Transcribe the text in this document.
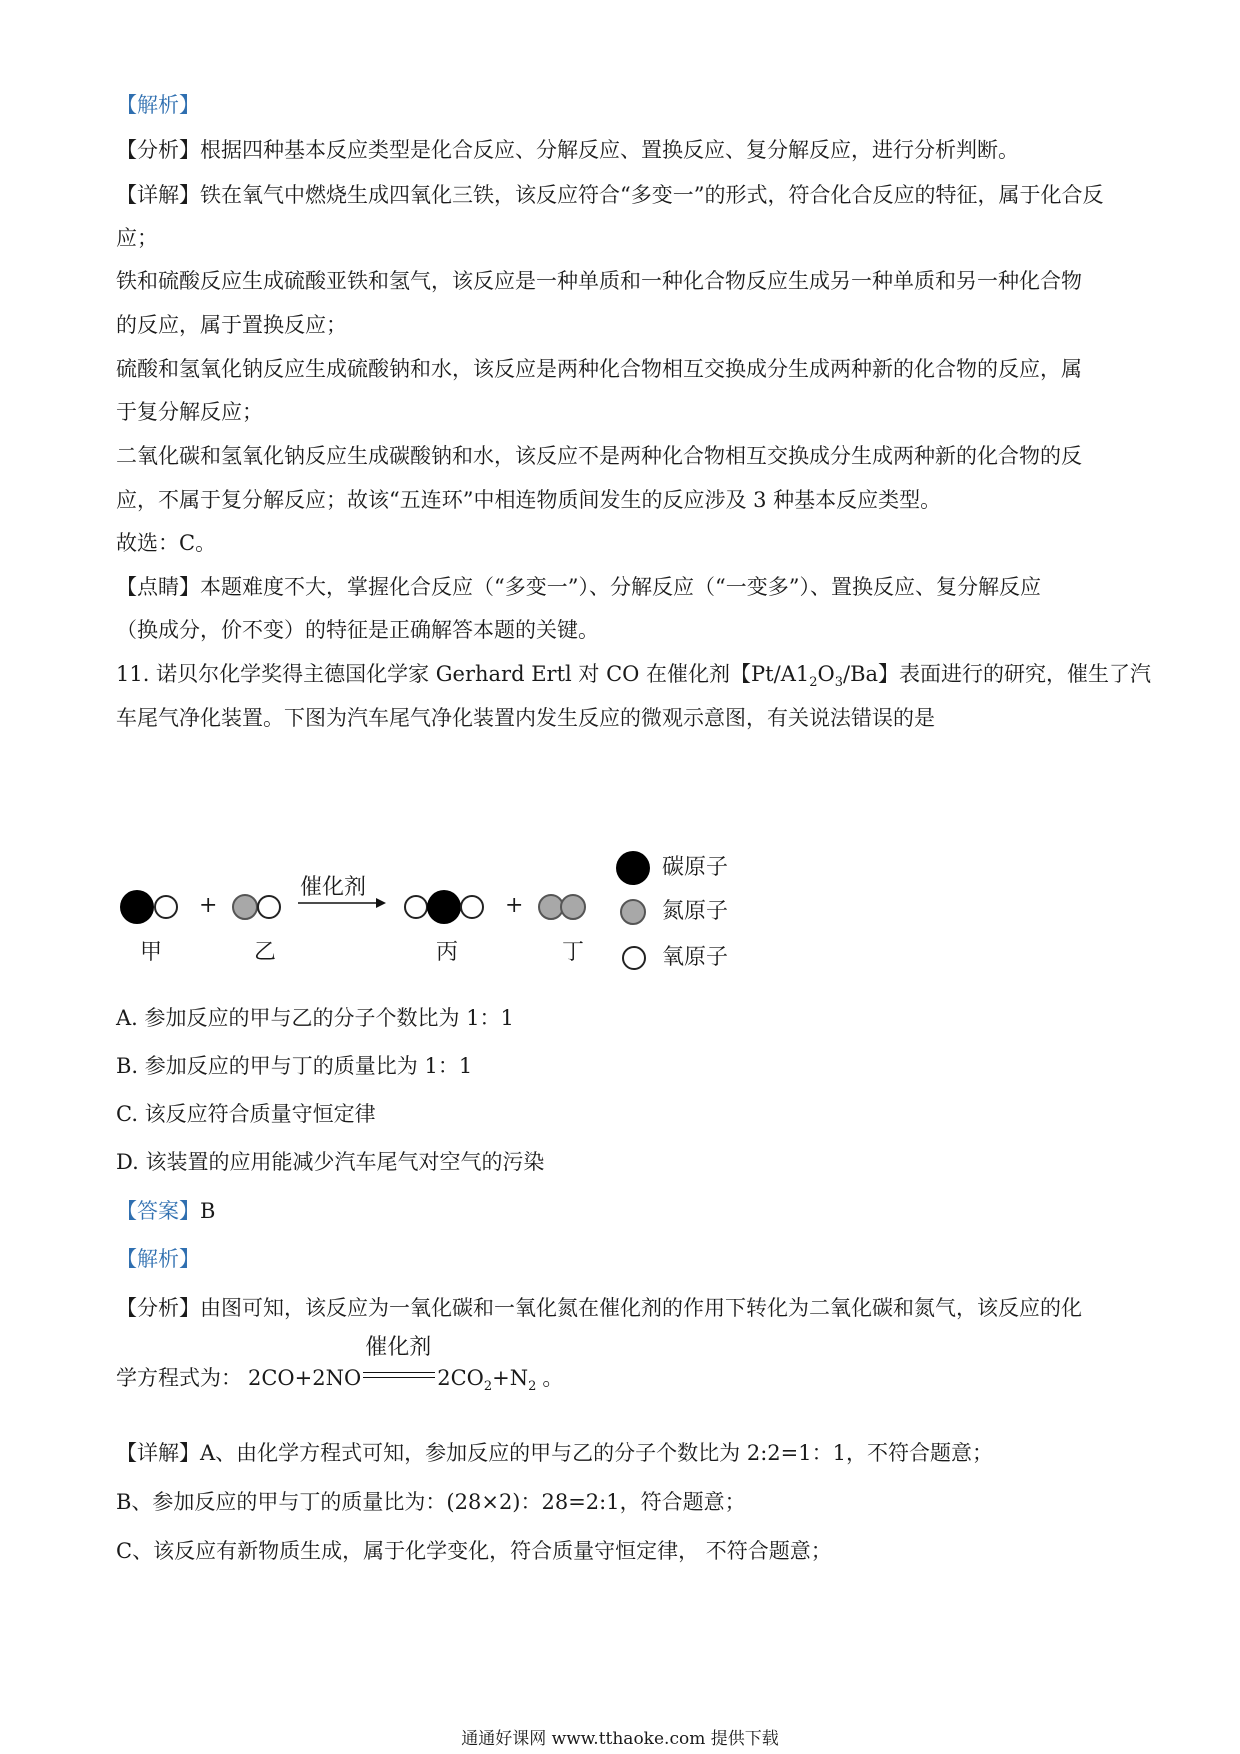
【解析】
【分析】根据四种基本反应类型是化合反应、分解反应、置换反应、复分解反应，进行分析判断。
【详解】铁在氧气中燃烧生成四氧化三铁，该反应符合“多变一”的形式，符合化合反应的特征，属于化合反
应；
铁和硫酸反应生成硫酸亚铁和氢气，该反应是一种单质和一种化合物反应生成另一种单质和另一种化合物
的反应，属于置换反应；
硫酸和氢氧化钠反应生成硫酸钠和水，该反应是两种化合物相互交换成分生成两种新的化合物的反应，属
于复分解反应；
二氧化碳和氢氧化钠反应生成碳酸钠和水，该反应不是两种化合物相互交换成分生成两种新的化合物的反
应，不属于复分解反应；故该“五连环”中相连物质间发生的反应涉及 3 种基本反应类型。
故选：C。
【点睛】本题难度不大，掌握化合反应（“多变一”）、分解反应（“一变多”）、置换反应、复分解反应
（换成分，价不变）的特征是正确解答本题的关键。
11. 诺贝尔化学奖得主德国化学家 Gerhard Ertl 对 CO 在催化剂【$Pt/A1_2O_3/Ba$】表面进行的研究，催生了汽
车尾气净化装置。下图为汽车尾气净化装置内发生反应的微观示意图，有关说法错误的是
+
催化剂
+
甲	乙	丙	丁
碳原子
氮原子
氧原子
A. 参加反应的甲与乙的分子个数比为 1：1
B. 参加反应的甲与丁的质量比为 1：1
C. 该反应符合质量守恒定律
D. 该装置的应用能减少汽车尾气对空气的污染
【答案】B
【解析】
【分析】由图可知，该反应为一氧化碳和一氧化氮在催化剂的作用下转化为二氧化碳和氮气，该反应的化
学方程式为： 2CO+2NO
催化剂
$2CO_2+N_2$ 。
【详解】A、由化学方程式可知，参加反应的甲与乙的分子个数比为 2:2=1：1，不符合题意；
B、参加反应的甲与丁的质量比为：(28×2)：28=2:1，符合题意；
C、该反应有新物质生成，属于化学变化，符合质量守恒定律， 不符合题意；
通通好课网 www.tthaoke.com 提供下载
